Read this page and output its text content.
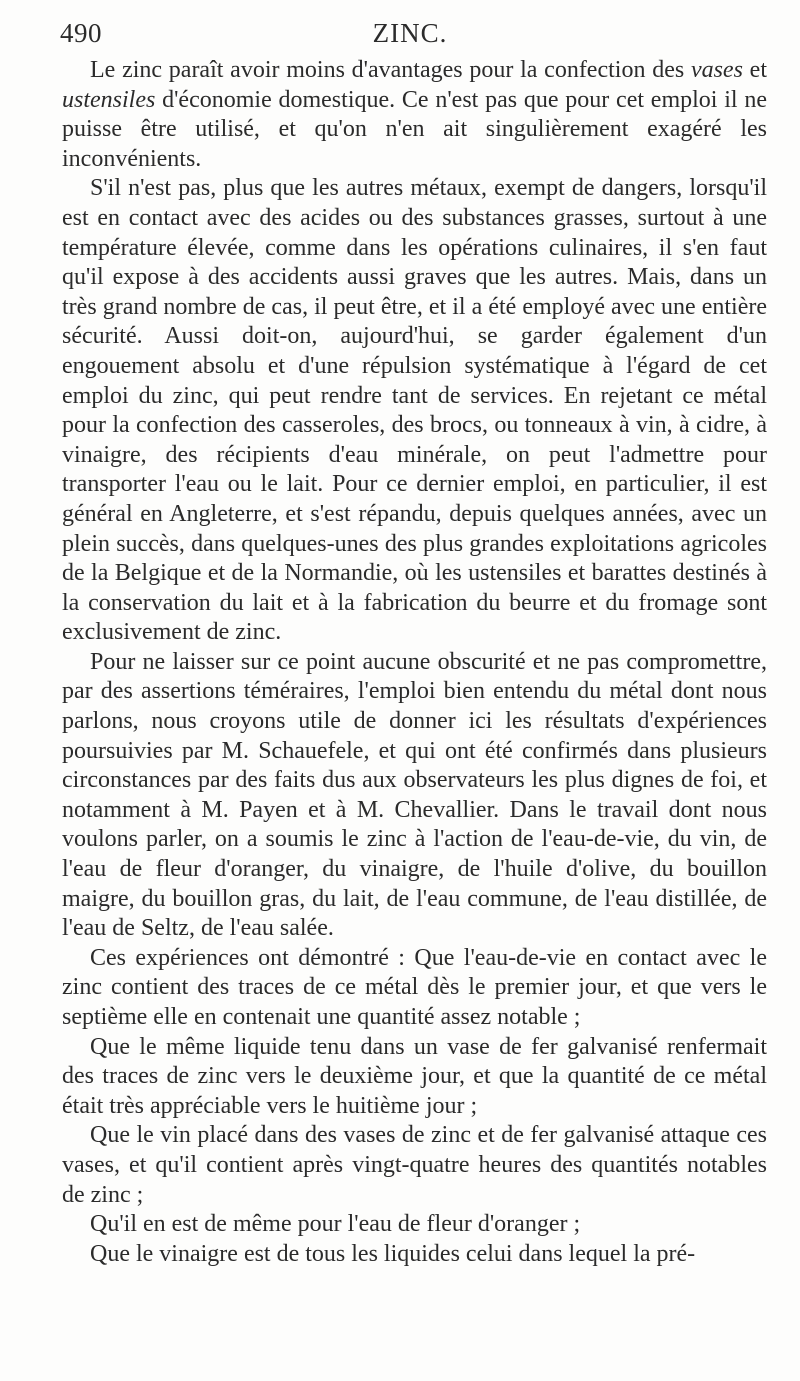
490	ZINC.

Le zinc paraît avoir moins d'avantages pour la confection des vases et ustensiles d'économie domestique. Ce n'est pas que pour cet emploi il ne puisse être utilisé, et qu'on n'en ait singulièrement exagéré les inconvénients.

S'il n'est pas, plus que les autres métaux, exempt de dangers, lorsqu'il est en contact avec des acides ou des substances grasses, surtout à une température élevée, comme dans les opérations culinaires, il s'en faut qu'il expose à des accidents aussi graves que les autres. Mais, dans un très grand nombre de cas, il peut être, et il a été employé avec une entière sécurité. Aussi doit-on, aujourd'hui, se garder également d'un engouement absolu et d'une répulsion systématique à l'égard de cet emploi du zinc, qui peut rendre tant de services. En rejetant ce métal pour la confection des casseroles, des brocs, ou tonneaux à vin, à cidre, à vinaigre, des récipients d'eau minérale, on peut l'admettre pour transporter l'eau ou le lait. Pour ce dernier emploi, en particulier, il est général en Angleterre, et s'est répandu, depuis quelques années, avec un plein succès, dans quelques-unes des plus grandes exploitations agricoles de la Belgique et de la Normandie, où les ustensiles et barattes destinés à la conservation du lait et à la fabrication du beurre et du fromage sont exclusivement de zinc.

Pour ne laisser sur ce point aucune obscurité et ne pas compromettre, par des assertions téméraires, l'emploi bien entendu du métal dont nous parlons, nous croyons utile de donner ici les résultats d'expériences poursuivies par M. Schauefele, et qui ont été confirmés dans plusieurs circonstances par des faits dus aux observateurs les plus dignes de foi, et notamment à M. Payen et à M. Chevallier. Dans le travail dont nous voulons parler, on a soumis le zinc à l'action de l'eau-de-vie, du vin, de l'eau de fleur d'oranger, du vinaigre, de l'huile d'olive, du bouillon maigre, du bouillon gras, du lait, de l'eau commune, de l'eau distillée, de l'eau de Seltz, de l'eau salée.

Ces expériences ont démontré : Que l'eau-de-vie en contact avec le zinc contient des traces de ce métal dès le premier jour, et que vers le septième elle en contenait une quantité assez notable ;

Que le même liquide tenu dans un vase de fer galvanisé renfermait des traces de zinc vers le deuxième jour, et que la quantité de ce métal était très appréciable vers le huitième jour ;

Que le vin placé dans des vases de zinc et de fer galvanisé attaque ces vases, et qu'il contient après vingt-quatre heures des quantités notables de zinc ;

Qu'il en est de même pour l'eau de fleur d'oranger ;

Que le vinaigre est de tous les liquides celui dans lequel la pré-
